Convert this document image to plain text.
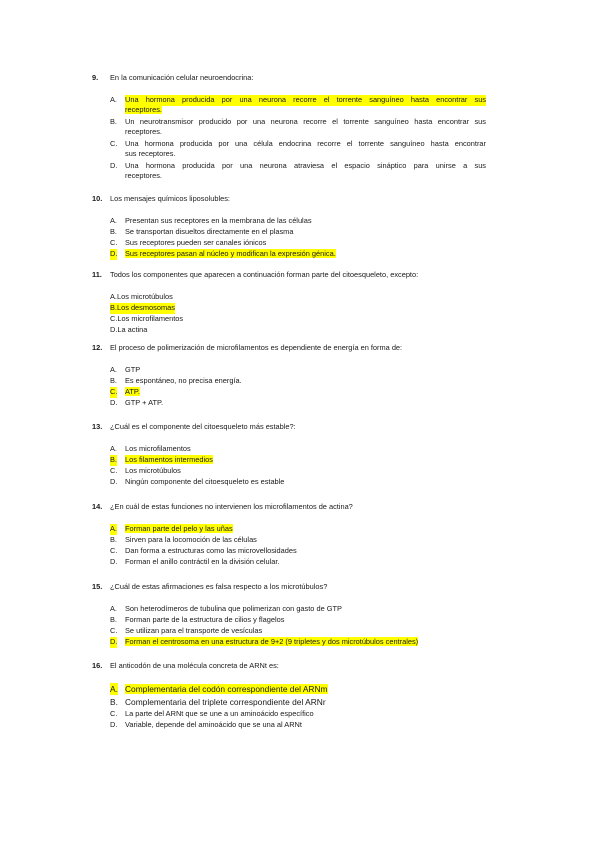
9. En la comunicación celular neuroendocrina:
A. Una hormona producida por una neurona recorre el torrente sanguíneo hasta encontrar sus
receptores.
B. Un neurotransmisor producido por una neurona recorre el torrente sanguíneo hasta encontrar sus
receptores.
C. Una hormona producida por una célula endocrina recorre el torrente sanguíneo hasta encontrar
sus receptores.
D. Una hormona producida por una neurona atraviesa el espacio sináptico para unirse a sus
receptores.
10. Los mensajes químicos liposolubles:
A. Presentan sus receptores en la membrana de las células
B. Se transportan disueltos directamente en el plasma
C. Sus receptores pueden ser canales iónicos
D. Sus receptores pasan al núcleo y modifican la expresión génica.
11. Todos los componentes que aparecen a continuación forman parte del citoesqueleto, excepto:
A.Los microtúbulos
B.Los desmosomas
C.Los microfilamentos
D.La actina
12. El proceso de polimerización de microfilamentos es dependiente de energía en forma de:
A. GTP
B. Es espontáneo, no precisa energía.
C. ATP.
D. GTP + ATP.
13. ¿Cuál es el componente del citoesqueleto más estable?:
A. Los microfilamentos
B. Los filamentos intermedios
C. Los microtúbulos
D. Ningún componente del citoesqueleto es estable
14. ¿En cuál de estas funciones no intervienen los microfilamentos de actina?
A. Forman parte del pelo y las uñas
B. Sirven para la locomoción de las células
C. Dan forma a estructuras como las microvellosidades
D. Forman el anillo contráctil en la división celular.
15. ¿Cuál de estas afirmaciones es falsa respecto a los microtúbulos?
A. Son heterodímeros de tubulina que polimerizan con gasto de GTP
B. Forman parte de la estructura de cilios y flagelos
C. Se utilizan para el transporte de vesículas
D. Forman el centrosoma en una estructura de 9+2 (9 tripletes y dos microtúbulos centrales)
16. El anticodón de una molécula concreta de ARNt es:
A. Complementaria del codón correspondiente del ARNm
B. Complementaria del triplete correspondiente del ARNr
C. La parte del ARNt que se une a un aminoácido específico
D. Variable, depende del aminoácido que se una al ARNt
